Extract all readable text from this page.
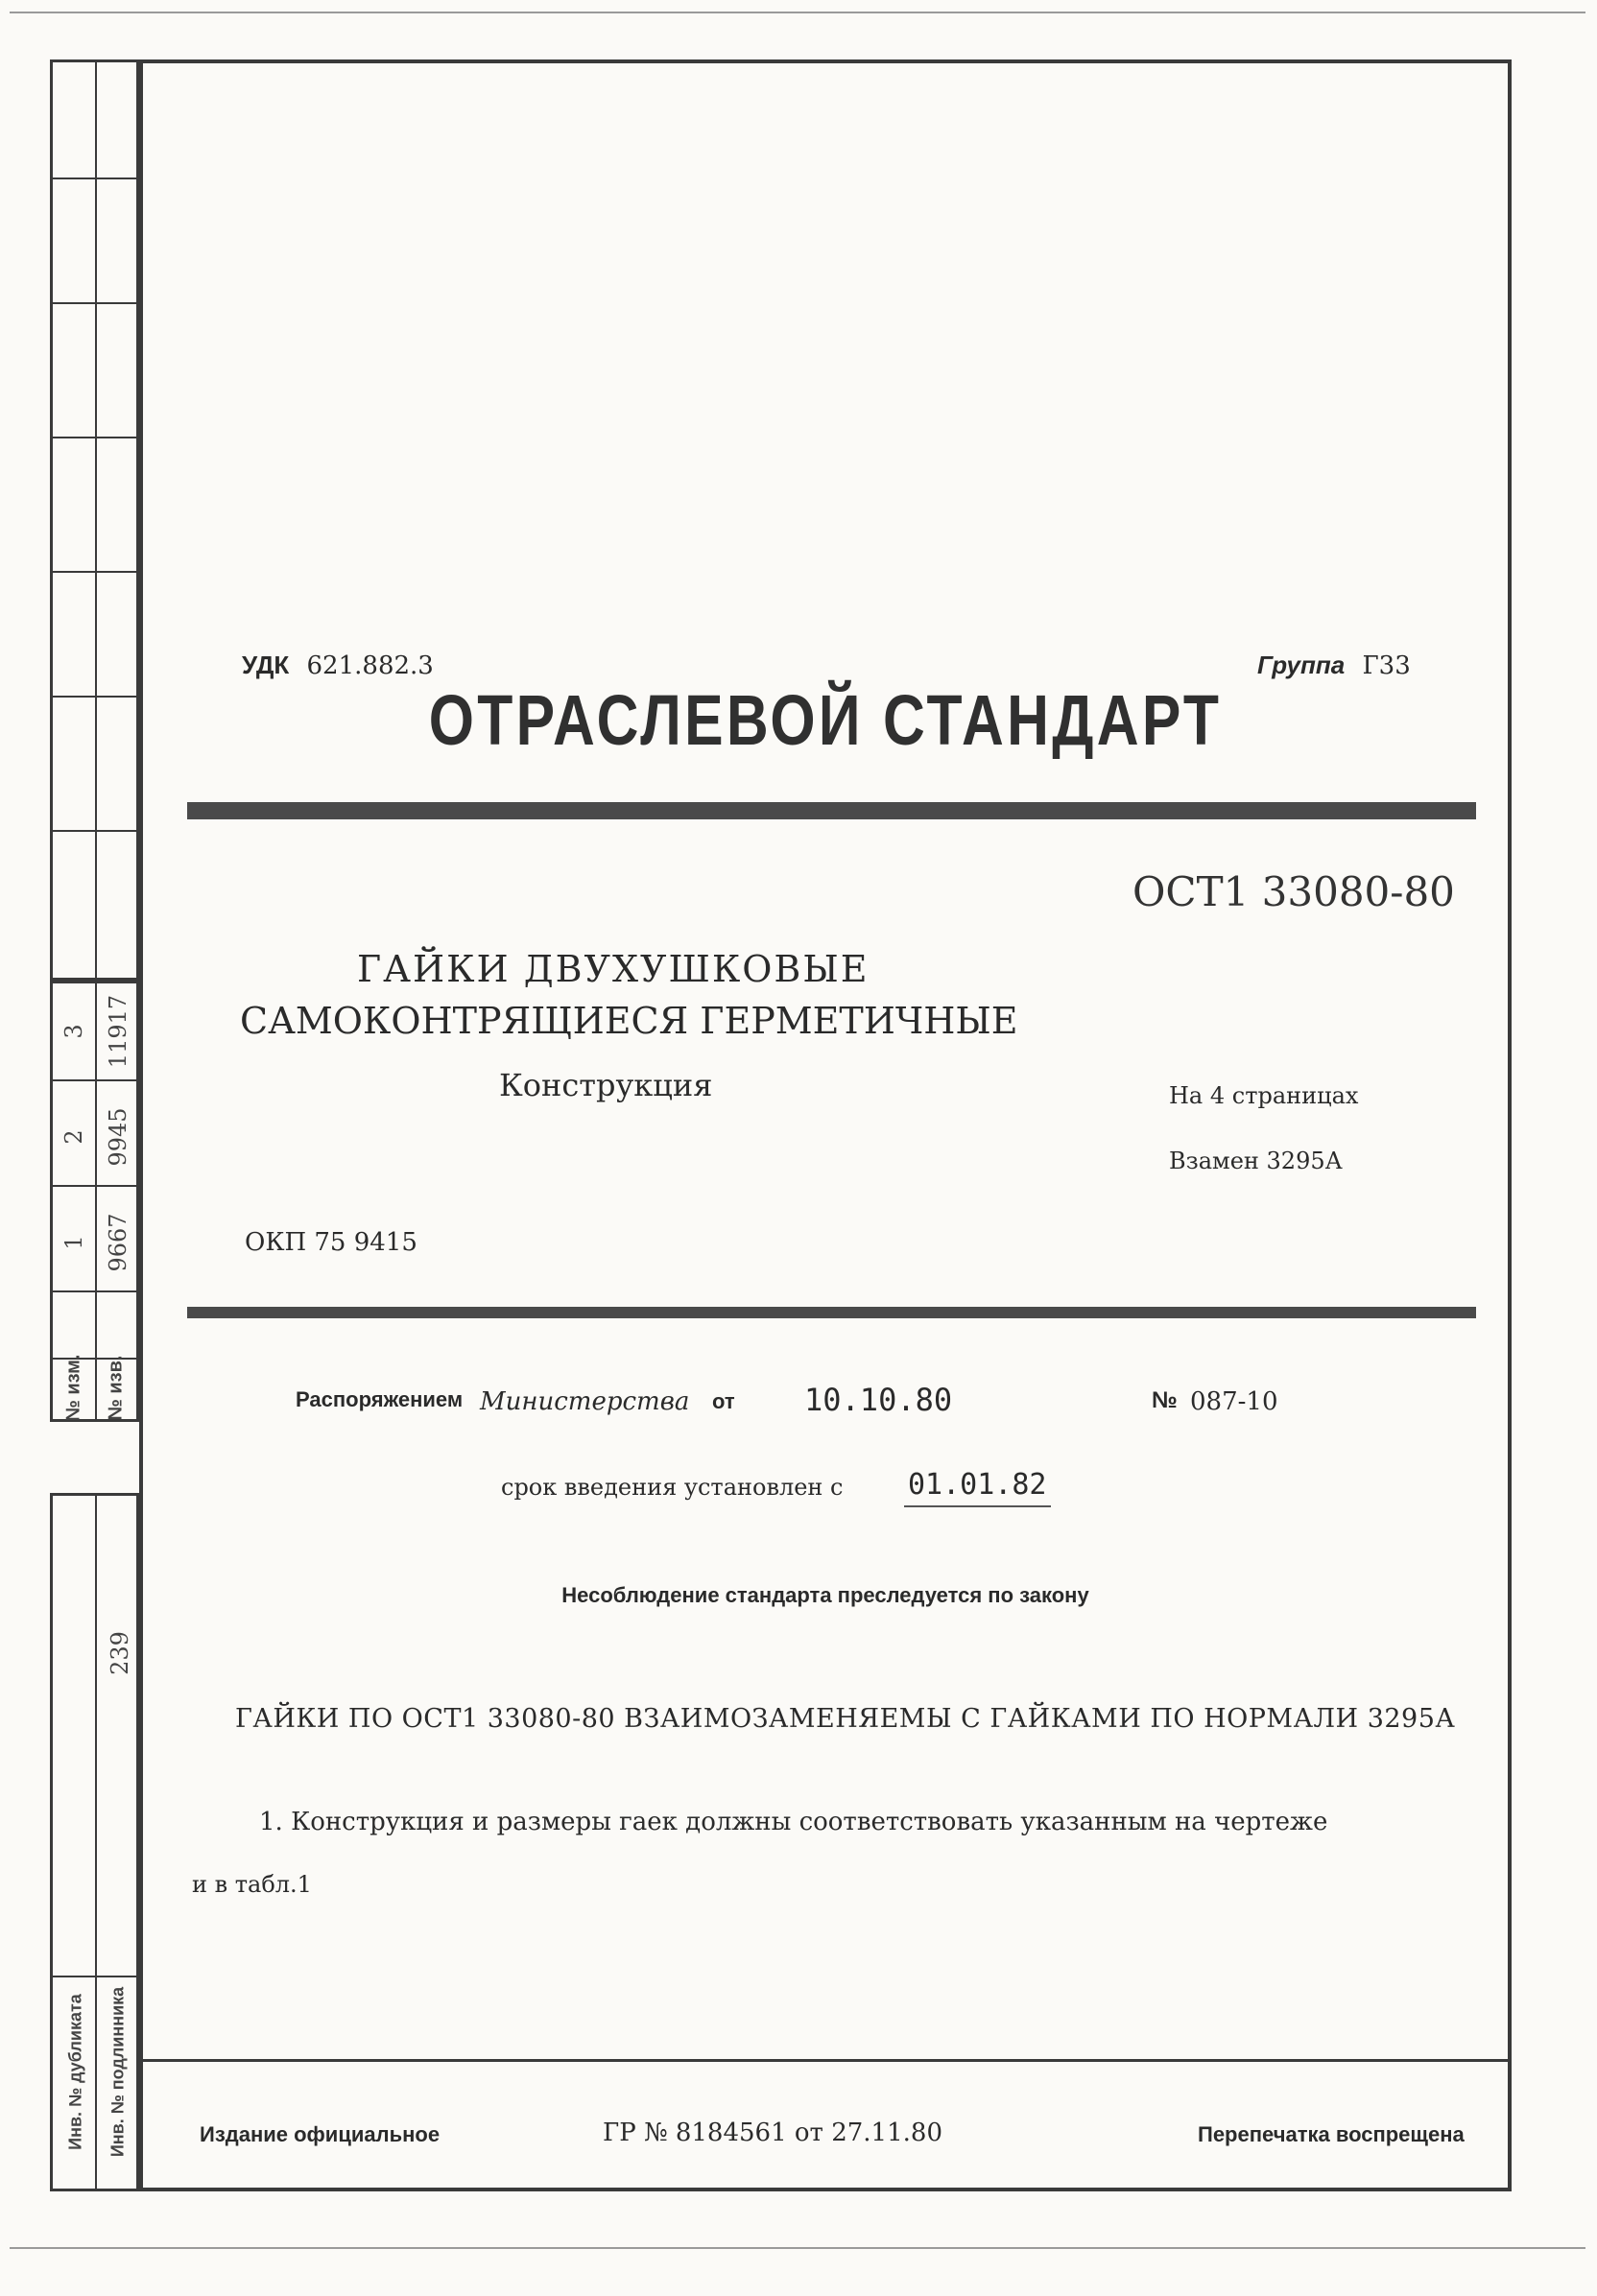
3 11917
2 9945
1 9667
№ изм. № изв.
239
Инв. № дубликата Инв. № подлинника
УДК 621.882.3	Группа Г33
ОТРАСЛЕВОЙ СТАНДАРТ
ОСТ1 33080-80
ГАЙКИ ДВУХУШКОВЫЕ
САМОКОНТРЯЩИЕСЯ ГЕРМЕТИЧНЫЕ
Конструкция	На 4 страницах
Взамен 3295А
ОКП 75 9415
Распоряжением Министерства от 10.10.80	№ 087-10
срок введения установлен с 01.01.82
Несоблюдение стандарта преследуется по закону
ГАЙКИ ПО ОСТ1 33080-80 ВЗАИМОЗАМЕНЯЕМЫ С ГАЙКАМИ ПО НОРМАЛИ 3295А
1. Конструкция и размеры гаек должны соответствовать указанным на чертеже
и в табл.1
Издание официальное	ГР № 8184561 от 27.11.80	Перепечатка воспрещена
